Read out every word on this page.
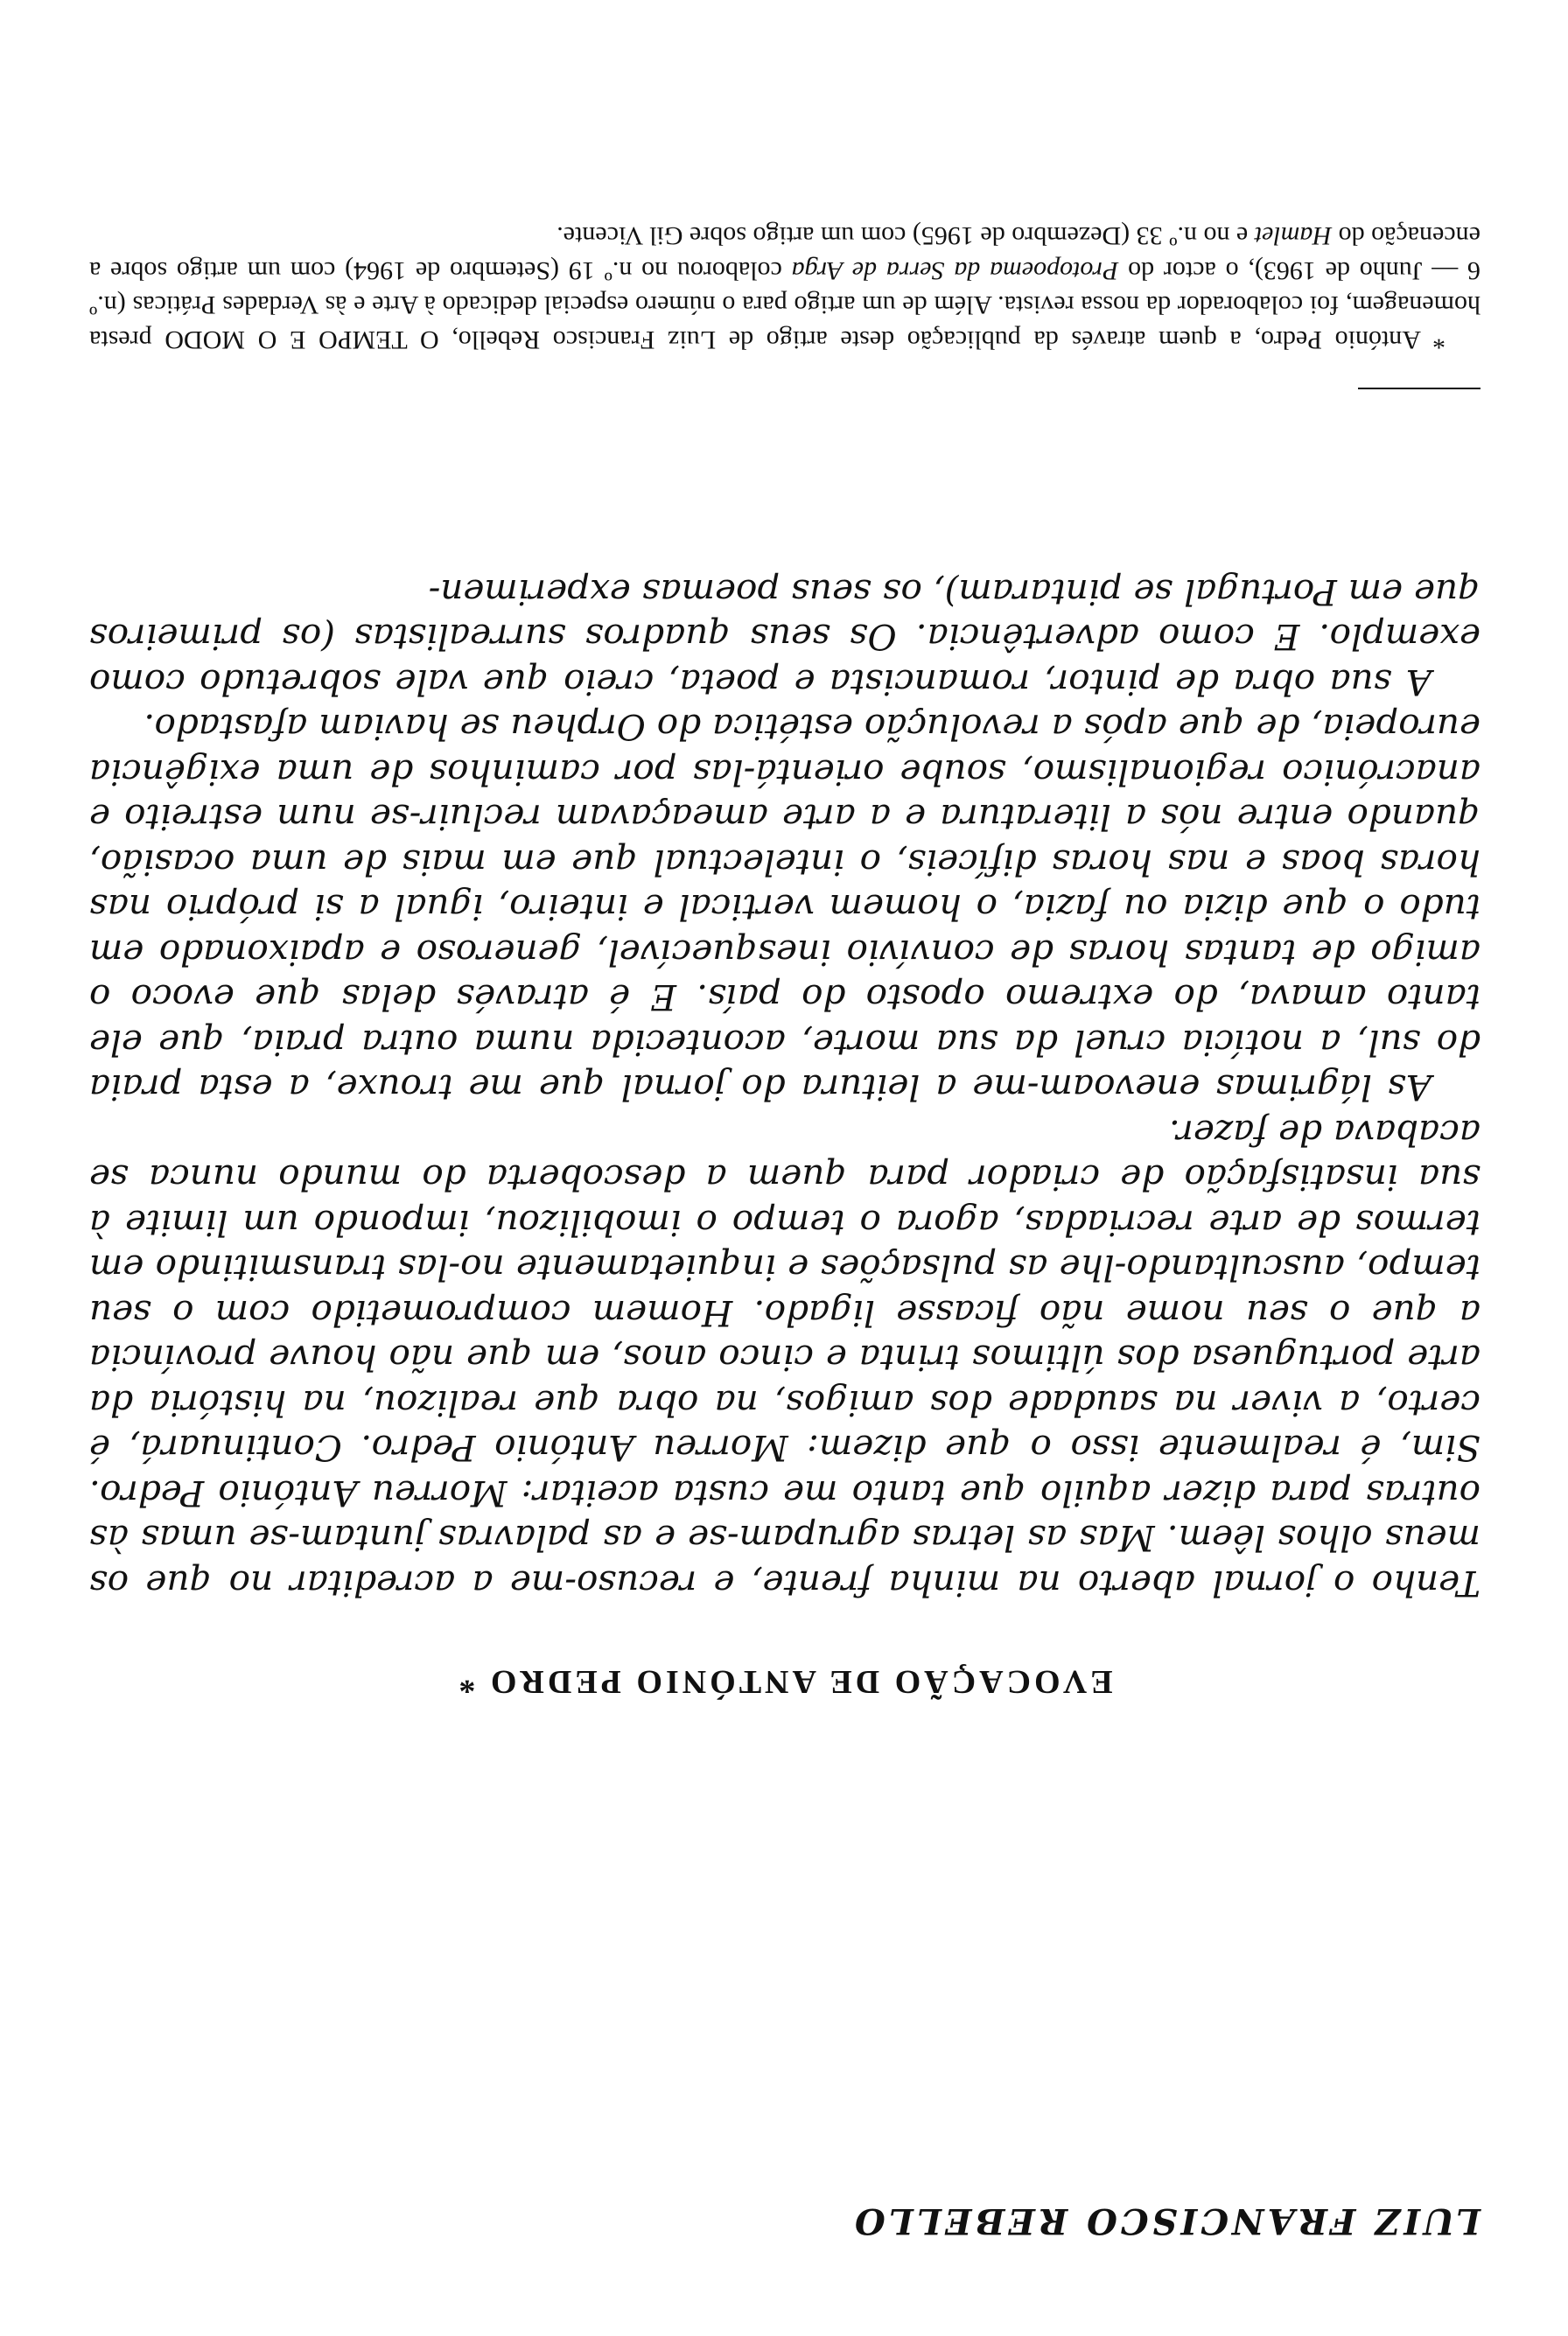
LUIZ FRANCISCO REBELLO
EVOCAÇÃO DE ANTÓNIO PEDRO *

Tenho o jornal aberto na minha frente, e recuso-me a acreditar no que os meus olhos lêem. Mas as letras agrupam-se e as palavras juntam-se umas às outras para dizer aquilo que tanto me custa aceitar: Morreu António Pedro. Sim, é realmente isso o que dizem: Morreu António Pedro. Continuará, é certo, a viver na saudade dos amigos, na obra que realizou, na história da arte portuguesa dos últimos trinta e cinco anos, em que não houve província a que o seu nome não ficasse ligado. Homem comprometido com o seu tempo, auscultando-lhe as pulsações e inquietamente no-las transmitindo em termos de arte recriadas, agora o tempo o imobilizou, impondo um limite à sua insatisfação de criador para quem a descoberta do mundo nunca se acabava de fazer.

As lágrimas enevoam-me a leitura do jornal que me trouxe, a esta praia do sul, a notícia cruel da sua morte, acontecida numa outra praia, que ele tanto amava, do extremo oposto do país. E é através delas que evoco o amigo de tantas horas de convívio inesquecível, generoso e apaixonado em tudo o que dizia ou fazia, o homem vertical e inteiro, igual a si próprio nas horas boas e nas horas difíceis, o intelectual que em mais de uma ocasião, quando entre nós a literatura e a arte ameaçavam recluir-se num estreito e anacrónico regionalismo, soube orientá-las por caminhos de uma exigência europeia, de que após a revolução estética do Orpheu se haviam afastado.

A sua obra de pintor, romancista e poeta, creio que vale sobretudo como exemplo. E como advertência. Os seus quadros surrealistas (os primeiros que em Portugal se pintaram), os seus poemas experimen-

* António Pedro, a quem através da publicação deste artigo de Luiz Francisco Rebello, O TEMPO E O MODO presta homenagem, foi colaborador da nossa revista. Além de um artigo para o número especial dedicado à Arte e às Verdades Práticas (n.º 6 — Junho de 1963), o actor do Protopoema da Serra de Arga colaborou no n.º 19 (Setembro de 1964) com um artigo sobre a encenação do Hamlet e no n.º 33 (Dezembro de 1965) com um artigo sobre Gil Vicente.
